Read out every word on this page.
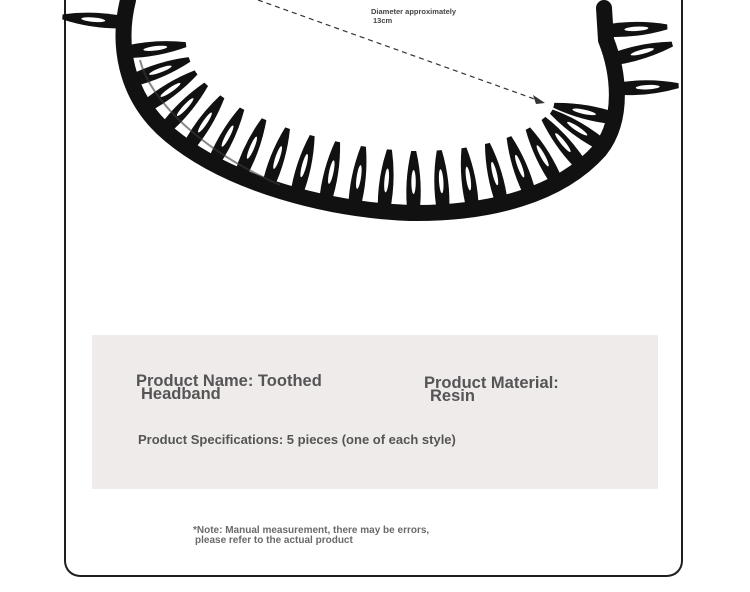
Diameter approximately
13cm
Product Name: Toothed
Headband
Product Material:
Resin
Product Specifications: 5 pieces (one of each style)
*Note: Manual measurement, there may be errors,
please refer to the actual product
